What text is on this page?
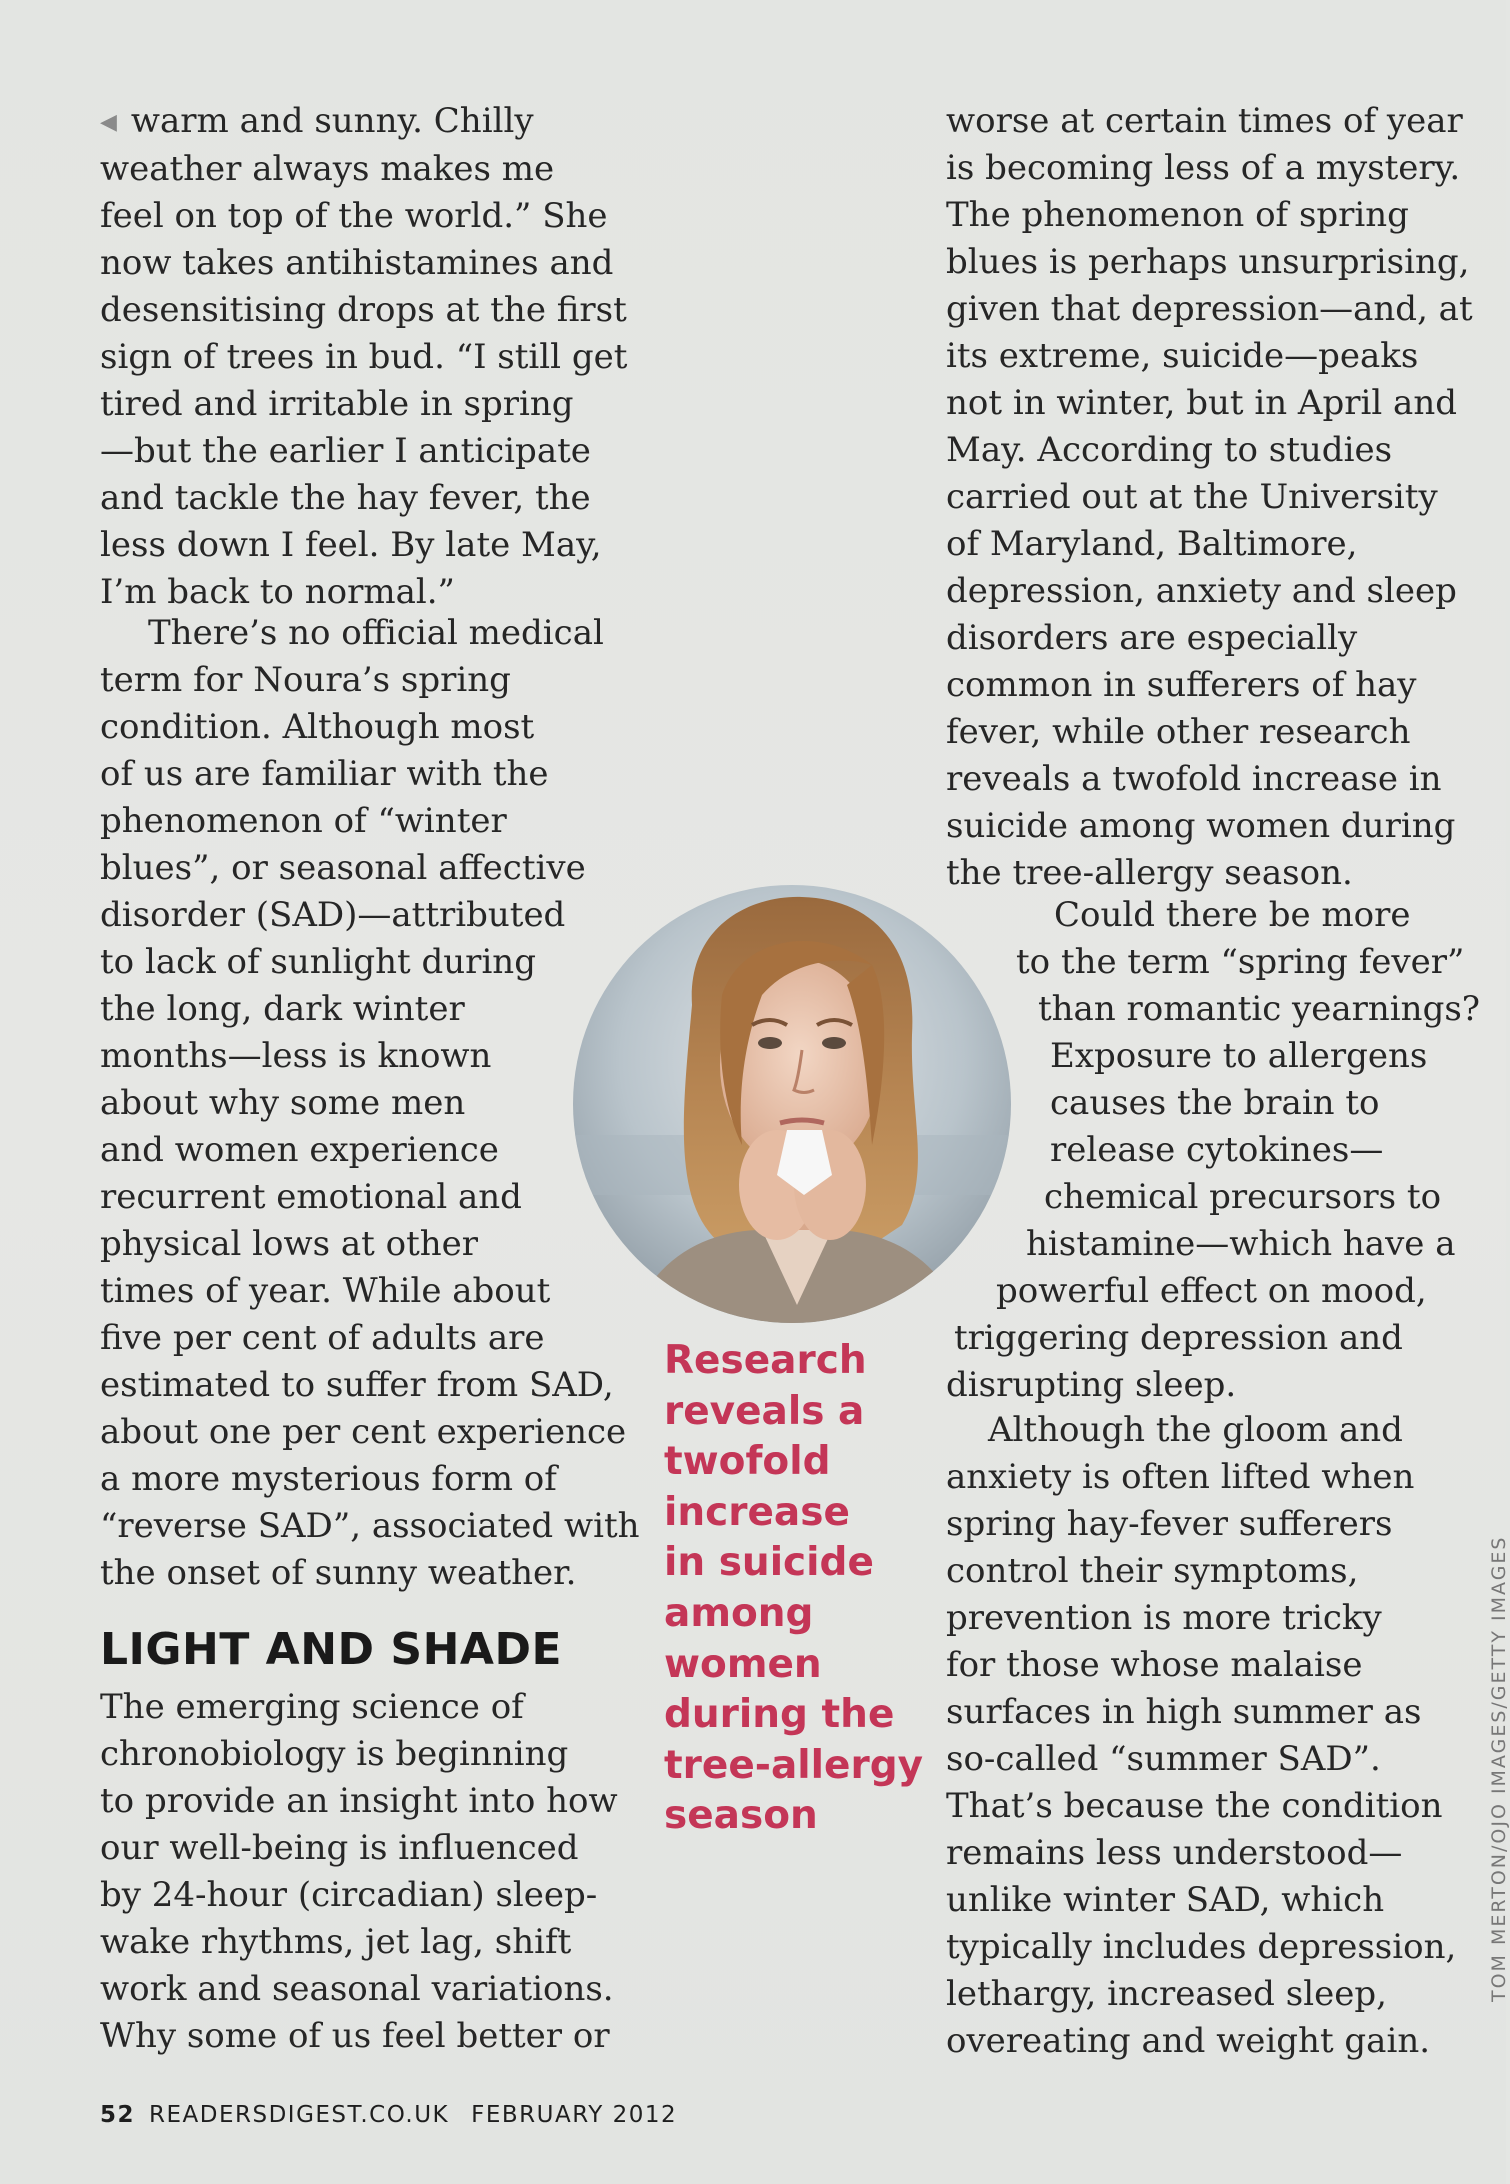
◀ warm and sunny. Chilly
weather always makes me
feel on top of the world.” She
now takes antihistamines and
desensitising drops at the first
sign of trees in bud. “I still get
tired and irritable in spring
—but the earlier I anticipate
and tackle the hay fever, the
less down I feel. By late May,
I’m back to normal.”

There’s no official medical
term for Noura’s spring
condition. Although most
of us are familiar with the
phenomenon of “winter
blues”, or seasonal affective
disorder (SAD)—attributed
to lack of sunlight during
the long, dark winter
months—less is known
about why some men
and women experience
recurrent emotional and
physical lows at other
times of year. While about
five per cent of adults are
estimated to suffer from SAD,
about one per cent experience
a more mysterious form of
“reverse SAD”, associated with
the onset of sunny weather.

LIGHT AND SHADE

The emerging science of
chronobiology is beginning
to provide an insight into how
our well-being is influenced
by 24-hour (circadian) sleep-
wake rhythms, jet lag, shift
work and seasonal variations.
Why some of us feel better or

worse at certain times of year
is becoming less of a mystery.
The phenomenon of spring
blues is perhaps unsurprising,
given that depression—and, at
its extreme, suicide—peaks
not in winter, but in April and
May. According to studies
carried out at the University
of Maryland, Baltimore,
depression, anxiety and sleep
disorders are especially
common in sufferers of hay
fever, while other research
reveals a twofold increase in
suicide among women during
the tree-allergy season.

Could there be more
to the term “spring fever”
than romantic yearnings?
Exposure to allergens
causes the brain to
release cytokines—
chemical precursors to
histamine—which have a
powerful effect on mood,
triggering depression and
disrupting sleep.

Although the gloom and
anxiety is often lifted when
spring hay-fever sufferers
control their symptoms,
prevention is more tricky
for those whose malaise
surfaces in high summer as
so-called “summer SAD”.
That’s because the condition
remains less understood—
unlike winter SAD, which
typically includes depression,
lethargy, increased sleep,
overeating and weight gain.

Research
reveals a
twofold
increase
in suicide
among
women
during the
tree-allergy
season

52 READERSDIGEST.CO.UK FEBRUARY 2012
TOM MERTON/OJO IMAGES/GETTY IMAGES
